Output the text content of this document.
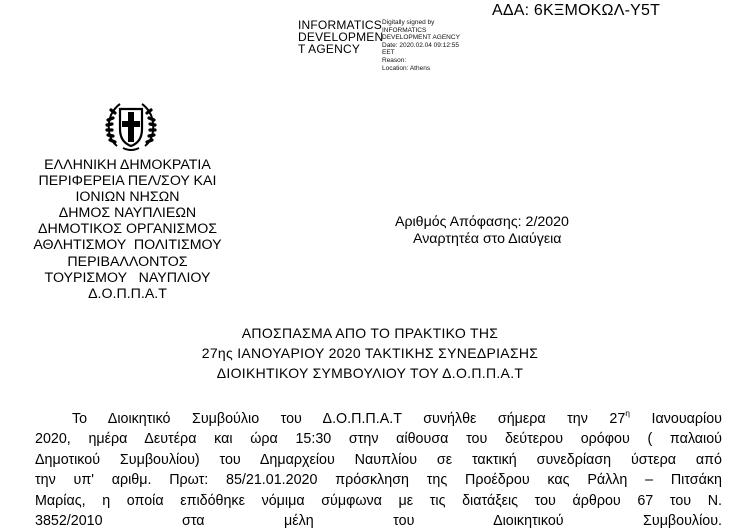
INFORMATICS
DEVELOPMEN
T AGENCY
Digitally signed by
INFORMATICS
DEVELOPMENT AGENCY
Date: 2020.02.04 09:12:55
EET
Reason:
Location: Athens
ΑΔΑ: 6ΚΞΜΟΚΩΛ-Υ5Τ
ΕΛΛΗΝΙΚΗ ΔΗΜΟΚΡΑΤΙΑ
ΠΕΡΙΦΕΡΕΙΑ ΠΕΛ/ΣΟΥ ΚΑΙ
ΙΟΝΙΩΝ ΝΗΣΩΝ
ΔΗΜΟΣ ΝΑΥΠΛΙΕΩΝ
ΔΗΜΟΤΙΚΟΣ ΟΡΓΑΝΙΣΜΟΣ
ΑΘΛΗΤΙΣΜΟΥ  ΠΟΛΙΤΙΣΜΟΥ
ΠΕΡΙΒΑΛΛΟΝΤΟΣ
ΤΟΥΡΙΣΜΟΥ   ΝΑΥΠΛΙΟΥ
Δ.Ο.Π.Π.Α.Τ
Αριθμός Απόφασης: 2/2020
Αναρτητέα στο Διαύγεια
ΑΠΟΣΠΑΣΜΑ ΑΠΟ ΤΟ ΠΡΑΚΤΙΚΟ ΤΗΣ
27ης ΙΑΝΟΥΑΡΙΟΥ 2020 ΤΑΚΤΙΚΗΣ ΣΥΝΕΔΡΙΑΣΗΣ
ΔΙΟΙΚΗΤΙΚΟΥ ΣΥΜΒΟΥΛΙΟΥ ΤΟΥ Δ.Ο.Π.Π.Α.Τ
Το Διοικητικό Συμβούλιο του Δ.Ο.Π.Π.Α.Τ συνήλθε σήμερα την $27^\eta$ Ιανουαρίου
2020, ημέρα Δευτέρα και ώρα 15:30 στην αίθουσα του δεύτερου ορόφου ( παλαιού
Δημοτικού Συμβουλίου) του Δημαρχείου Ναυπλίου σε τακτική συνεδρίαση ύστερα από
την υπ' αριθμ. Πρωτ: 85/21.01.2020 πρόσκληση της Προέδρου κας Ράλλη – Πιτσάκη
Μαρίας, η οποία επιδόθηκε νόμιμα σύμφωνα με τις διατάξεις του άρθρου 67 του Ν.
3852/2010 στα μέλη του Διοικητικού Συμβουλίου.
